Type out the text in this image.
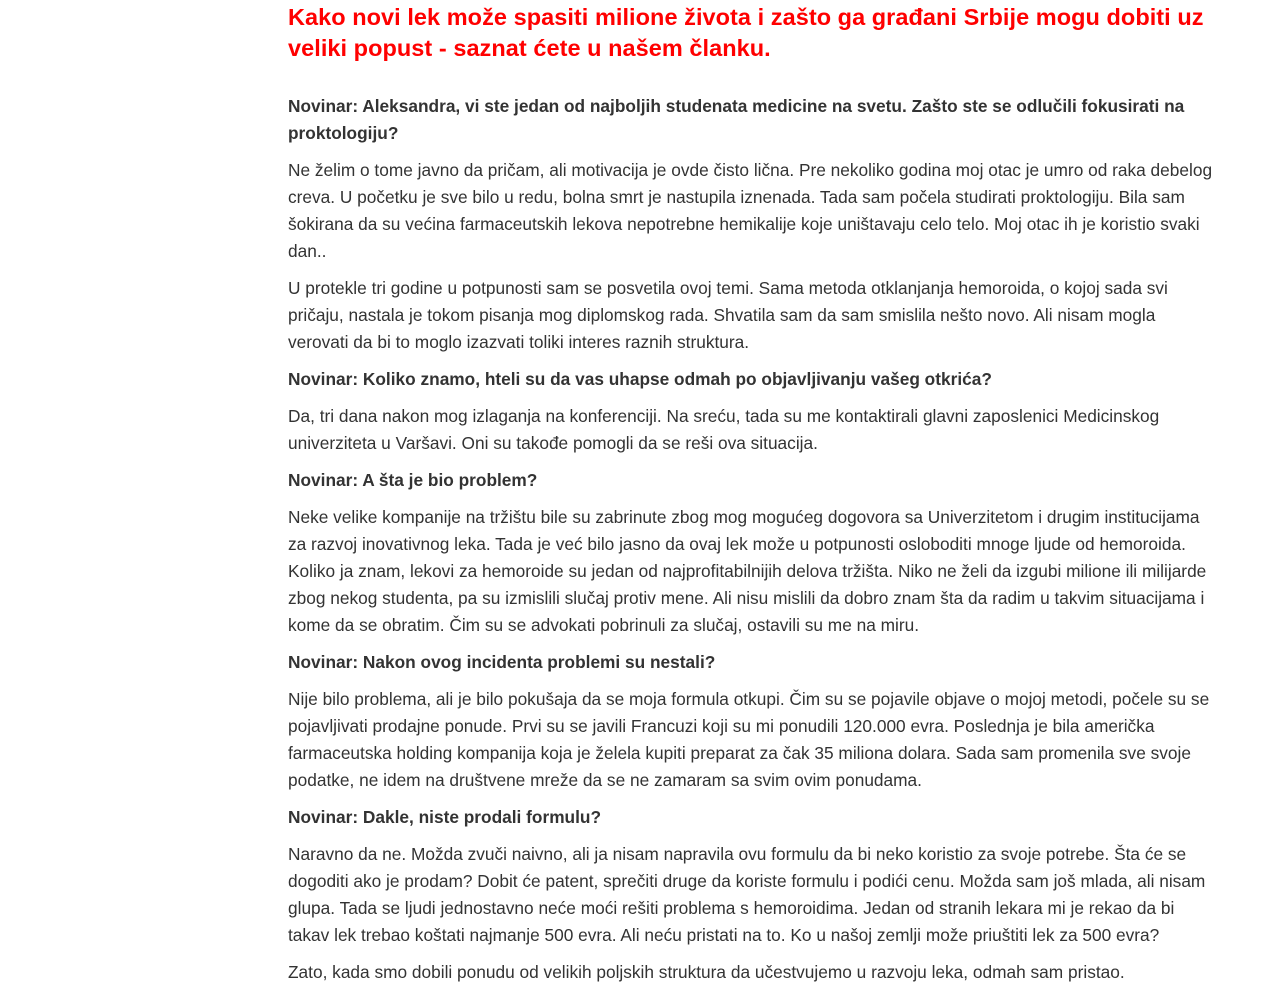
Kako novi lek može spasiti milione života i zašto ga građani Srbije mogu dobiti uz veliki popust - saznat ćete u našem članku.

Novinar: Aleksandra, vi ste jedan od najboljih studenata medicine na svetu. Zašto ste se odlučili fokusirati na proktologiju?

Ne želim o tome javno da pričam, ali motivacija je ovde čisto lična. Pre nekoliko godina moj otac je umro od raka debelog creva. U početku je sve bilo u redu, bolna smrt je nastupila iznenada. Tada sam počela studirati proktologiju. Bila sam šokirana da su većina farmaceutskih lekova nepotrebne hemikalije koje uništavaju celo telo. Moj otac ih je koristio svaki dan..

U protekle tri godine u potpunosti sam se posvetila ovoj temi. Sama metoda otklanjanja hemoroida, o kojoj sada svi pričaju, nastala je tokom pisanja mog diplomskog rada. Shvatila sam da sam smislila nešto novo. Ali nisam mogla verovati da bi to moglo izazvati toliki interes raznih struktura.

Novinar: Koliko znamo, hteli su da vas uhapse odmah po objavljivanju vašeg otkrića?

Da, tri dana nakon mog izlaganja na konferenciji. Na sreću, tada su me kontaktirali glavni zaposlenici Medicinskog univerziteta u Varšavi. Oni su takođe pomogli da se reši ova situacija.

Novinar: A šta je bio problem?

Neke velike kompanije na tržištu bile su zabrinute zbog mog mogućeg dogovora sa Univerzitetom i drugim institucijama za razvoj inovativnog leka. Tada je već bilo jasno da ovaj lek može u potpunosti osloboditi mnoge ljude od hemoroida. Koliko ja znam, lekovi za hemoroide su jedan od najprofitabilnijih delova tržišta. Niko ne želi da izgubi milione ili milijarde zbog nekog studenta, pa su izmislili slučaj protiv mene. Ali nisu mislili da dobro znam šta da radim u takvim situacijama i kome da se obratim. Čim su se advokati pobrinuli za slučaj, ostavili su me na miru.

Novinar: Nakon ovog incidenta problemi su nestali?

Nije bilo problema, ali je bilo pokušaja da se moja formula otkupi. Čim su se pojavile objave o mojoj metodi, počele su se pojavljivati prodajne ponude. Prvi su se javili Francuzi koji su mi ponudili 120.000 evra. Poslednja je bila američka farmaceutska holding kompanija koja je želela kupiti preparat za čak 35 miliona dolara. Sada sam promenila sve svoje podatke, ne idem na društvene mreže da se ne zamaram sa svim ovim ponudama.

Novinar: Dakle, niste prodali formulu?

Naravno da ne. Možda zvuči naivno, ali ja nisam napravila ovu formulu da bi neko koristio za svoje potrebe. Šta će se dogoditi ako je prodam? Dobit će patent, sprečiti druge da koriste formulu i podići cenu. Možda sam još mlada, ali nisam glupa. Tada se ljudi jednostavno neće moći rešiti problema s hemoroidima. Jedan od stranih lekara mi je rekao da bi takav lek trebao koštati najmanje 500 evra. Ali neću pristati na to. Ko u našoj zemlji može priuštiti lek za 500 evra?

Zato, kada smo dobili ponudu od velikih poljskih struktura da učestvujemo u razvoju leka, odmah sam pristao.
